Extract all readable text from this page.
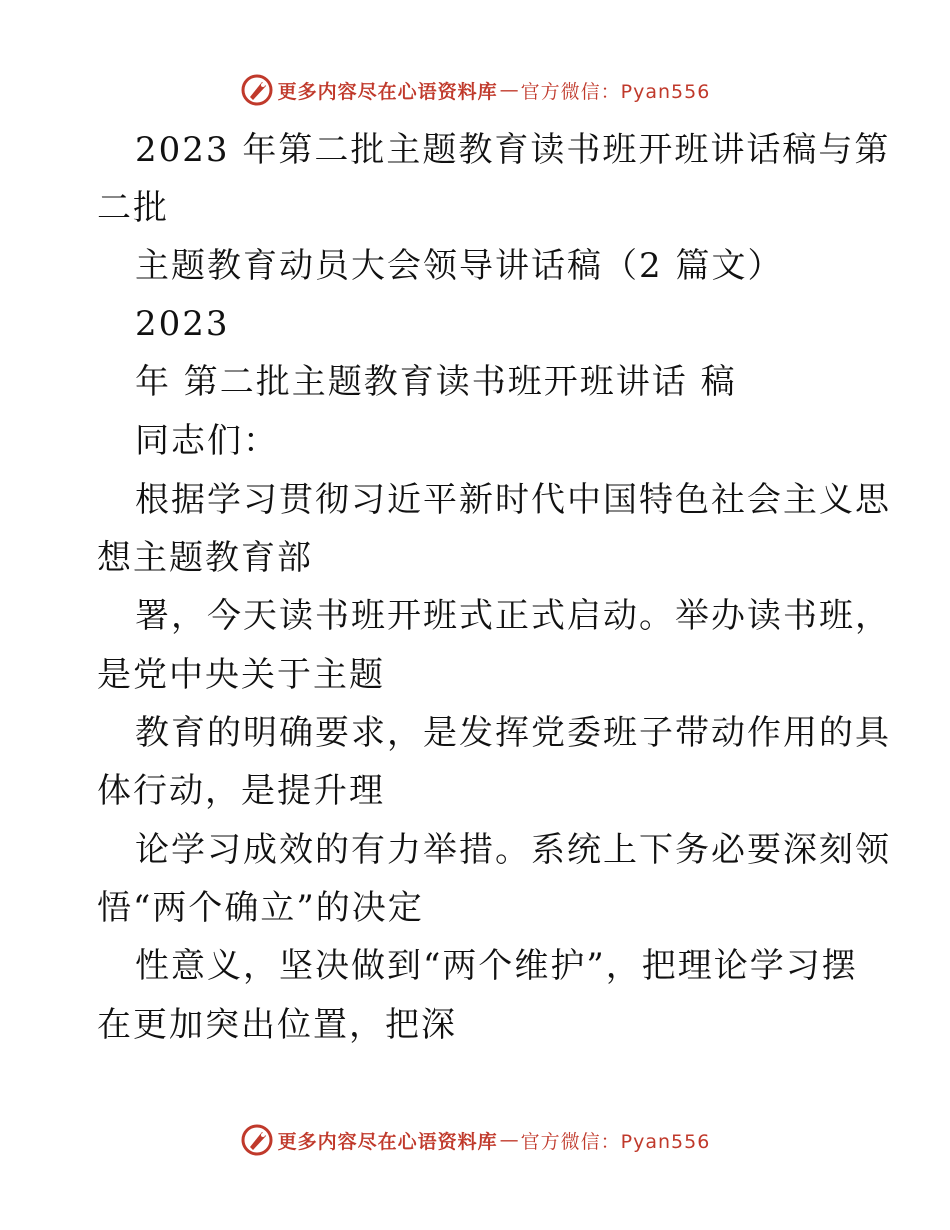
更多内容尽在心语资料库 — 官方微信：Pyan556
2023 年第二批主题教育读书班开班讲话稿与第
二批
主题教育动员大会领导讲话稿（2 篇文）
2023
年 第二批主题教育读书班开班讲话 稿
同志们：
根据学习贯彻习近平新时代中国特色社会主义思
想主题教育部
署，今天读书班开班式正式启动。举办读书班，
是党中央关于主题
教育的明确要求，是发挥党委班子带动作用的具
体行动，是提升理
论学习成效的有力举措。系统上下务必要深刻领
悟“两个确立”的决定
性意义，坚决做到“两个维护”，把理论学习摆
在更加突出位置，把深
更多内容尽在心语资料库 — 官方微信：Pyan556
